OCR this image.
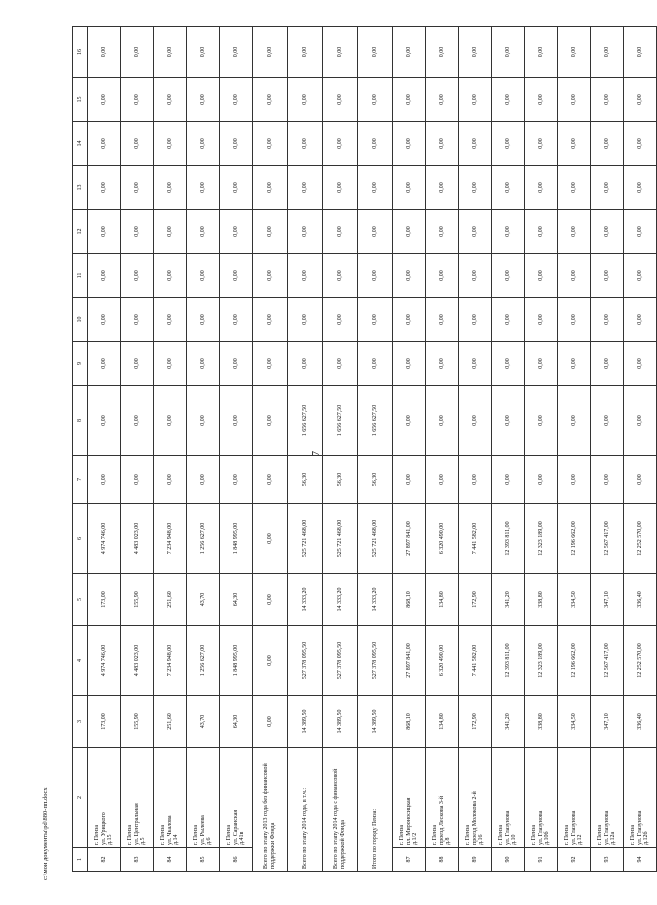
7
c:\мои документы\pd\880-пп.docx	1	2	3	4	5	6	7	8	9	10	11	12	13	14	15	16
82	г. Пенза
ул. Урицкого
д.15	173,00	4 974 746,00	173,00	4 974 746,00	0,00	0,00	0,00	0,00	0,00	0,00	0,00	0,00	0,00	0,00
83	г. Пенза
ул. Центральная
д.5	155,90	4 483 023,00	155,90	4 483 023,00	0,00	0,00	0,00	0,00	0,00	0,00	0,00	0,00	0,00	0,00
84	г. Пенза
ул. Чкалова
д.14	251,60	7 234 948,00	251,60	7 234 948,00	0,00	0,00	0,00	0,00	0,00	0,00	0,00	0,00	0,00	0,00
85	г. Пенза
ул. Рылеева
д.6	43,70	1 256 627,00	43,70	1 256 627,00	0,00	0,00	0,00	0,00	0,00	0,00	0,00	0,00	0,00	0,00
86	г. Пенза
ул. Саранская
д.41в	64,30	1 848 995,00	64,30	1 848 995,00	0,00	0,00	0,00	0,00	0,00	0,00	0,00	0,00	0,00	0,00
Всего по этапу 2013 года без финансовой поддержки Фонда		0,00	0,00	0,00	0,00	0,00	0,00	0,00	0,00	0,00	0,00	0,00	0,00	0,00	0,00
Всего по этапу 2014 года, в т.ч.:		14 389,50	527 378 095,50	14 333,20	525 721 468,00	56,30	1 656 627,50	0,00	0,00	0,00	0,00	0,00	0,00	0,00	0,00
Всего по этапу 2014 года с финансовой поддержкой Фонда		14 389,50	527 378 095,50	14 333,20	525 721 468,00	56,30	1 656 627,50	0,00	0,00	0,00	0,00	0,00	0,00	0,00	0,00
Итого по городу Пенза:		14 389,50	527 378 095,50	14 333,20	525 721 468,00	56,30	1 656 627,50	0,00	0,00	0,00	0,00	0,00	0,00	0,00	0,00
87	г. Пенза
пл. Мироносицкая
д.1/2	868,10	27 897 841,00	868,10	27 897 841,00	0,00	0,00	0,00	0,00	0,00	0,00	0,00	0,00	0,00	0,00
88	г. Пенза
проезд Лескова 3-й
д.8	134,80	6 320 490,00	134,80	6 320 490,00	0,00	0,00	0,00	0,00	0,00	0,00	0,00	0,00	0,00	0,00
89	г. Пенза
проезд Молокова 2-й
д.16	172,90	7 441 582,00	172,90	7 441 582,00	0,00	0,00	0,00	0,00	0,00	0,00	0,00	0,00	0,00	0,00
90	г. Пенза
ул. Глазунова
д.10	341,20	12 393 811,00	341,20	12 393 811,00	0,00	0,00	0,00	0,00	0,00	0,00	0,00	0,00	0,00	0,00
91	г. Пенза
ул. Глазунова
д.10б	338,80	12 323 189,00	338,80	12 323 189,00	0,00	0,00	0,00	0,00	0,00	0,00	0,00	0,00	0,00	0,00
92	г. Пенза
ул. Глазунова
д.12	334,50	12 196 662,00	334,50	12 196 662,00	0,00	0,00	0,00	0,00	0,00	0,00	0,00	0,00	0,00	0,00
93	г. Пенза
ул. Глазунова
д.12а	347,10	12 567 417,00	347,10	12 567 417,00	0,00	0,00	0,00	0,00	0,00	0,00	0,00	0,00	0,00	0,00
94	г. Пенза
ул. Глазунова
д.12б	336,40	12 252 570,00	336,40	12 252 570,00	0,00	0,00	0,00	0,00	0,00	0,00	0,00	0,00	0,00	0,00
